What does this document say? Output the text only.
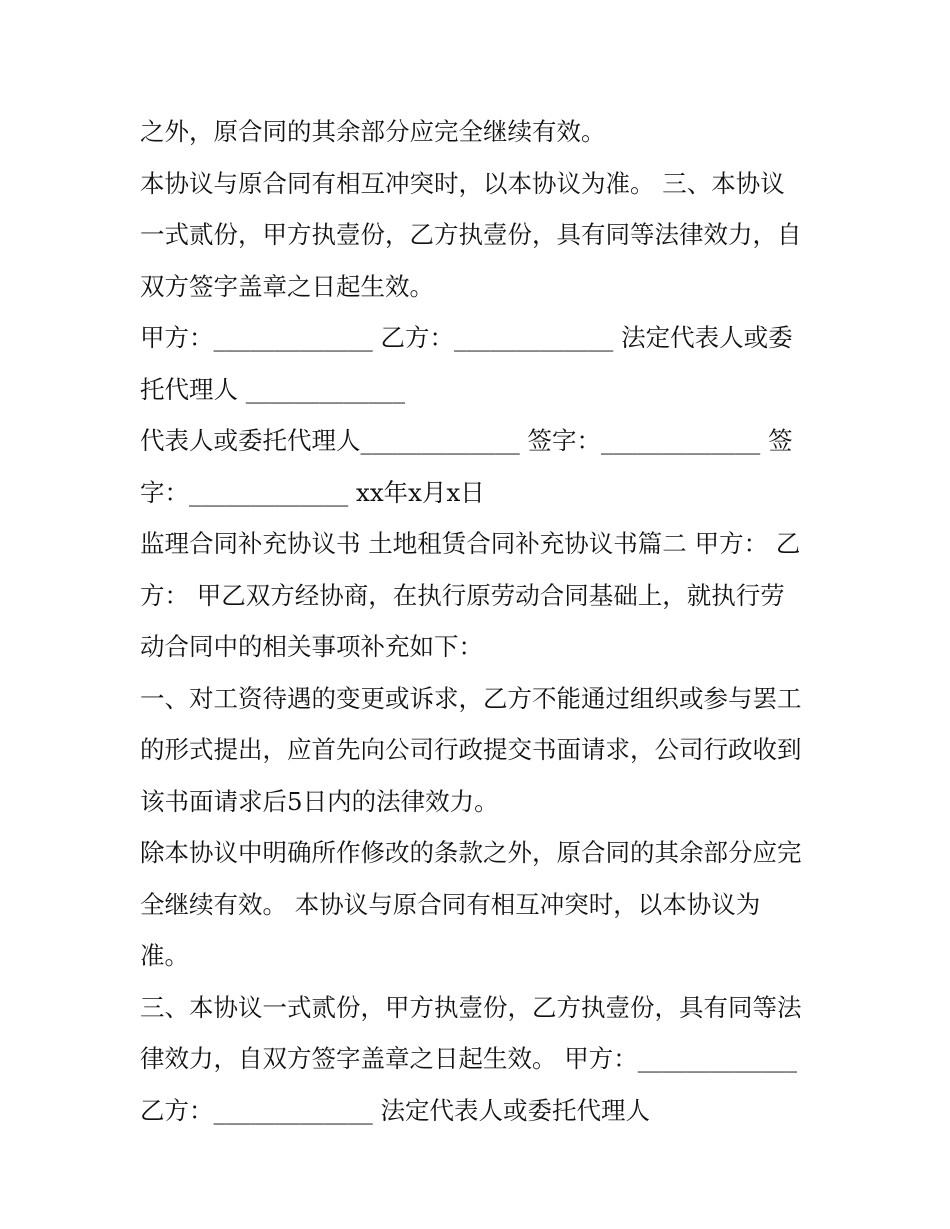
之外，原合同的其余部分应完全继续有效。
本协议与原合同有相互冲突时，以本协议为准。 三、本协议
一式贰份，甲方执壹份，乙方执壹份，具有同等法律效力，自
双方签字盖章之日起生效。
甲方：_____________ 乙方：_____________ 法定代表人或委
托代理人 _____________
代表人或委托代理人_____________ 签字：_____________ 签
字：_____________ xx年x月x日
监理合同补充协议书 土地租赁合同补充协议书篇二 甲方： 乙
方： 甲乙双方经协商，在执行原劳动合同基础上，就执行劳
动合同中的相关事项补充如下：
一、对工资待遇的变更或诉求，乙方不能通过组织或参与罢工
的形式提出，应首先向公司行政提交书面请求，公司行政收到
该书面请求后5日内的法律效力。
除本协议中明确所作修改的条款之外，原合同的其余部分应完
全继续有效。 本协议与原合同有相互冲突时，以本协议为
准。
三、本协议一式贰份，甲方执壹份，乙方执壹份，具有同等法
律效力，自双方签字盖章之日起生效。 甲方：_____________
乙方：_____________ 法定代表人或委托代理人
